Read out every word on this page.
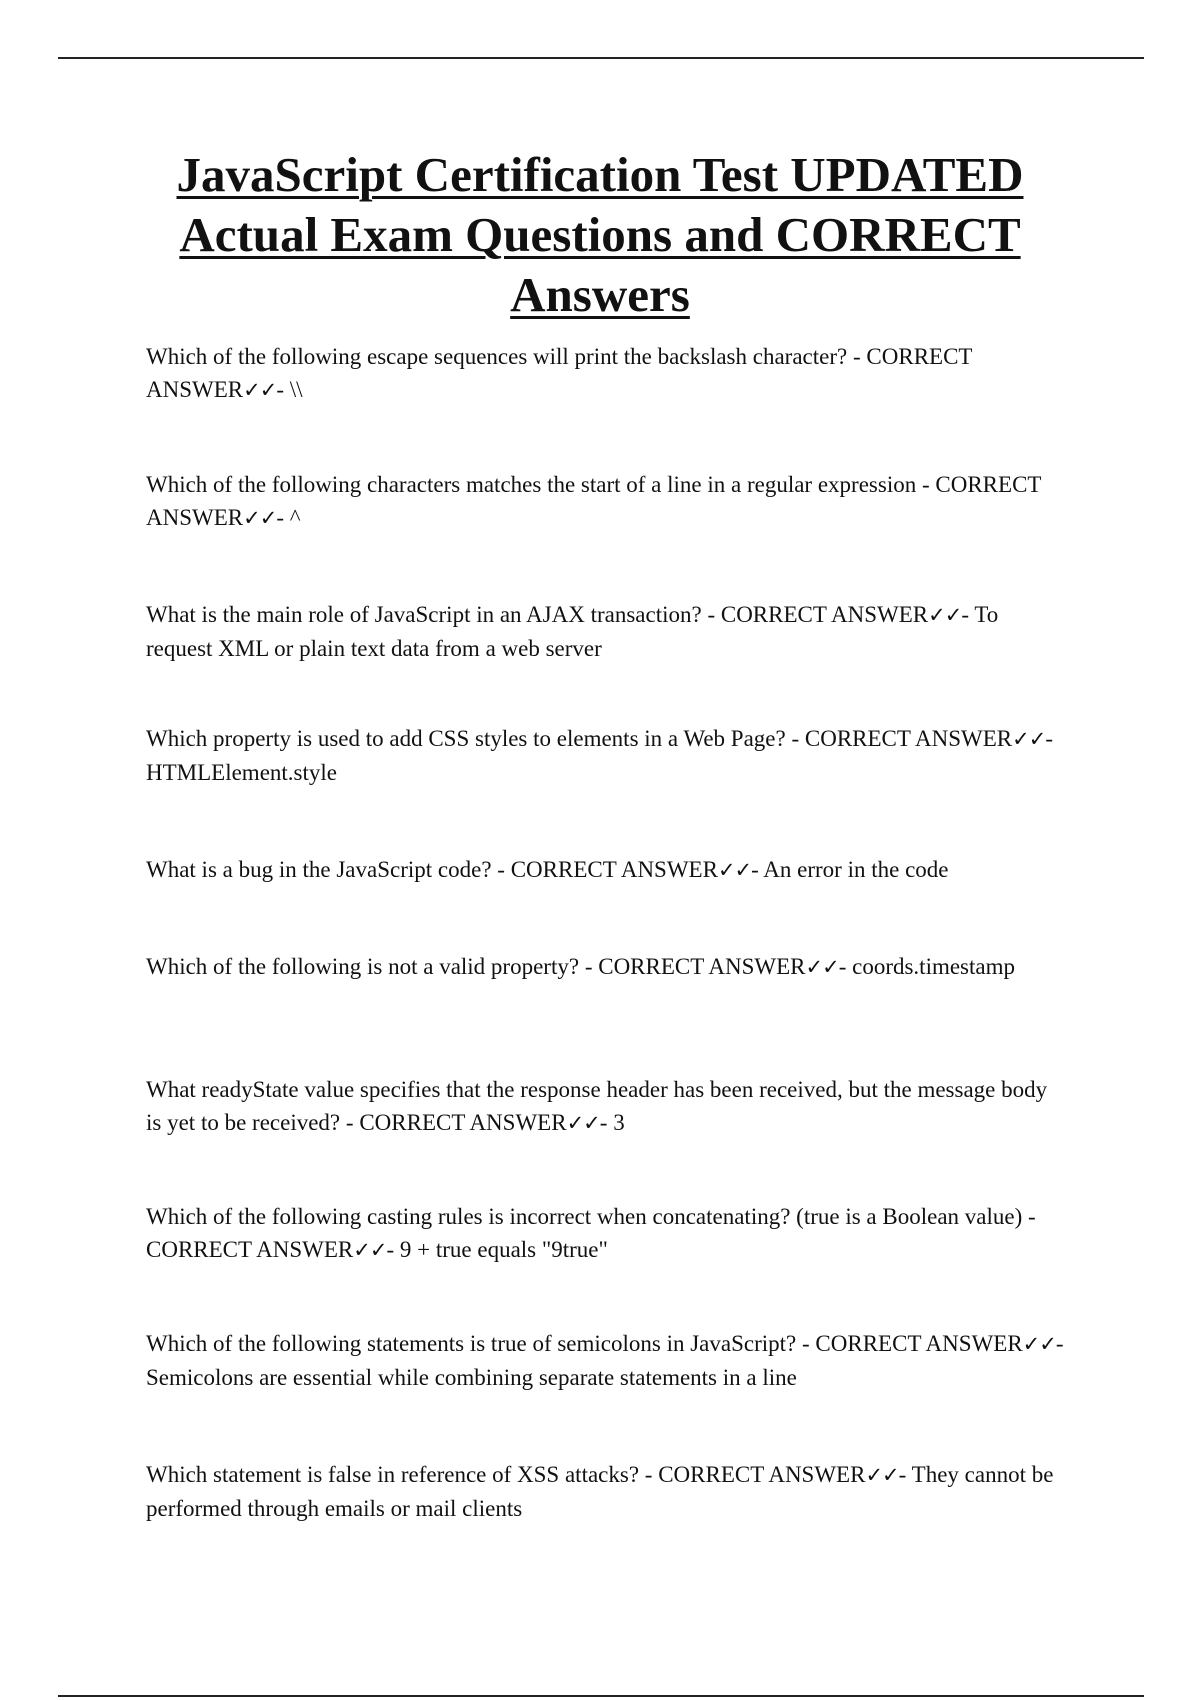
JavaScript Certification Test UPDATED Actual Exam Questions and CORRECT Answers

Which of the following escape sequences will print the backslash character? - CORRECT ANSWER✓✓- \\

Which of the following characters matches the start of a line in a regular expression - CORRECT ANSWER✓✓- ^

What is the main role of JavaScript in an AJAX transaction? - CORRECT ANSWER✓✓- To request XML or plain text data from a web server

Which property is used to add CSS styles to elements in a Web Page? - CORRECT ANSWER✓✓- HTMLElement.style

What is a bug in the JavaScript code? - CORRECT ANSWER✓✓- An error in the code

Which of the following is not a valid property? - CORRECT ANSWER✓✓- coords.timestamp

What readyState value specifies that the response header has been received, but the message body is yet to be received? - CORRECT ANSWER✓✓- 3

Which of the following casting rules is incorrect when concatenating? (true is a Boolean value) - CORRECT ANSWER✓✓- 9 + true equals "9true"

Which of the following statements is true of semicolons in JavaScript? - CORRECT ANSWER✓✓- Semicolons are essential while combining separate statements in a line

Which statement is false in reference of XSS attacks? - CORRECT ANSWER✓✓- They cannot be performed through emails or mail clients
